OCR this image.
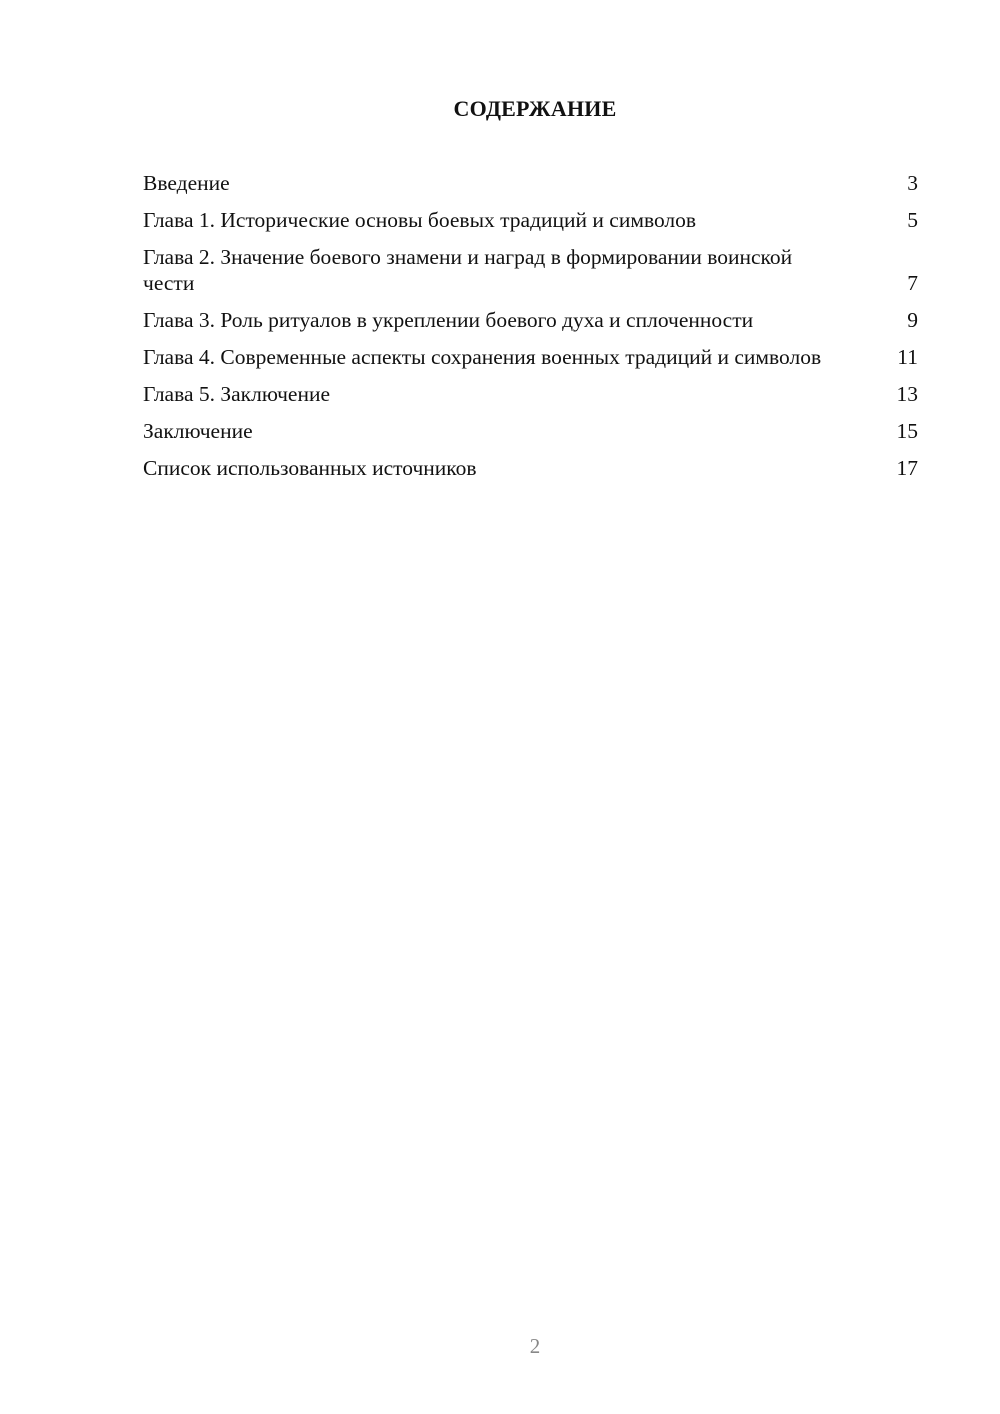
СОДЕРЖАНИЕ
Введение	3
Глава 1. Исторические основы боевых традиций и символов	5
Глава 2. Значение боевого знамени и наград в формировании воинской чести	7
Глава 3. Роль ритуалов в укреплении боевого духа и сплоченности	9
Глава 4. Современные аспекты сохранения военных традиций и символов	11
Глава 5. Заключение	13
Заключение	15
Список использованных источников	17
2
